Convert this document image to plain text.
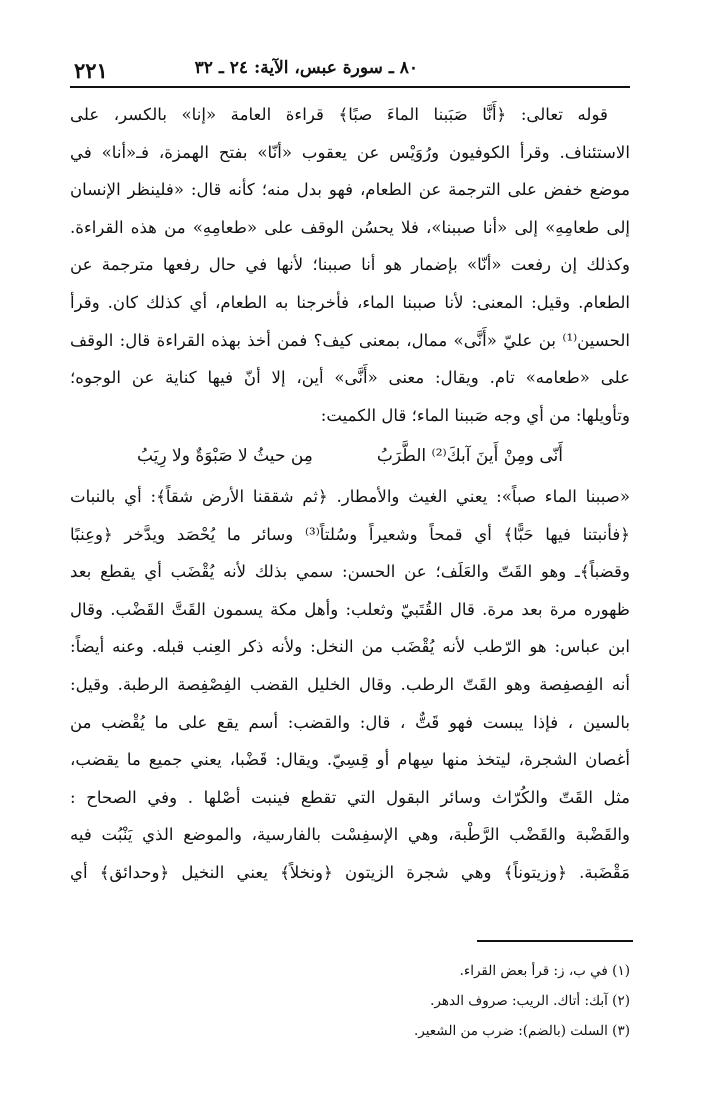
٢٢١	٨٠ ـ سورة عبس، الآية: ٢٤ ـ ٣٢
قوله تعالى: ﴿أَنَّا صَبَبنا الماءَ صبًا﴾ قراءة العامة «إنا» بالكسر، على
الاستئناف. وقرأ الكوفيون ورُوَيْس عن يعقوب «أنّا» بفتح الهمزة، فـ«أنا» في
موضع خفض على الترجمة عن الطعام، فهو بدل منه؛ كأنه قال: «فلينظر الإنسان
إلى طعامِهِ» إلى «أنا صببنا»، فلا يحسُن الوقف على «طعامِهِ» من هذه القراءة.
وكذلك إن رفعت «أنّا» بإضمار هو أنا صببنا؛ لأنها في حال رفعها مترجمة عن
الطعام. وقيل: المعنى: لأنا صببنا الماء، فأخرجنا به الطعام، أي كذلك كان. وقرأ
الحسين⁽¹⁾ بن عليّ «أَنَّى» ممال، بمعنى كيف؟ فمن أخذ بهذه القراءة قال: الوقف
على «طعامه» تام. ويقال: معنى «أَنَّى» أين، إلا أنّ فيها كناية عن الوجوه؛
وتأويلها: من أي وجه صَببنا الماء؛ قال الكميت:
أَنّى ومِنْ أَينَ آبكَ⁽²⁾ الطَّرَبُ
مِن حيثُ لا صَبْوَةٌ ولا رِيَبُ
«صببنا الماء صباً»: يعني الغيث والأمطار. ﴿ثم شققنا الأرض شقاً﴾: أي بالنبات
﴿فأنبتنا فيها حَبًّا﴾ أي قمحاً وشعيراً وسُلتاً⁽³⁾ وسائر ما يُحْصَد ويدَّخر ﴿وعِنبًا
وقضباً﴾ـ وهو القَتّ والعَلَف؛ عن الحسن: سمي بذلك لأنه يُقْضَب أي يقطع بعد
ظهوره مرة بعد مرة. قال القُتَبيّ وثعلب: وأهل مكة يسمون القَتَّ القَضْب. وقال
ابن عباس: هو الرّطب لأنه يُقْضَب من النخل: ولأنه ذكر العِنب قبله. وعنه أيضاً:
أنه الفِصفِصة وهو القَتّ الرطب. وقال الخليل القضب الفِصْفِصة الرطبة. وقيل:
بالسين ، فإذا يبست فهو قَتٌّ ، قال: والقضب: أسم يقع على ما يُقْضب من
أغصان الشجرة، ليتخذ منها سِهام أو قِسِيّ. ويقال: قَضْبا، يعني جميع ما يقضب،
مثل القَتّ والكُرّاث وسائر البقول التي تقطع فينبت أصْلها . وفي الصحاح :
والقَضْبة والقَضْب الرَّطْبة، وهي الإسفِسْت بالفارسية، والموضع الذي يَنْبُت فيه
مَقْضَبة. ﴿وزيتوناً﴾ وهي شجرة الزيتون ﴿ونخلاً﴾ يعني النخيل ﴿وحدائق﴾ أي
(١) في ب، ز: قرأ بعض القراء.
(٢) آبك: أتاك. الريب: صروف الدهر.
(٣) السلت (بالضم): ضرب من الشعير.
